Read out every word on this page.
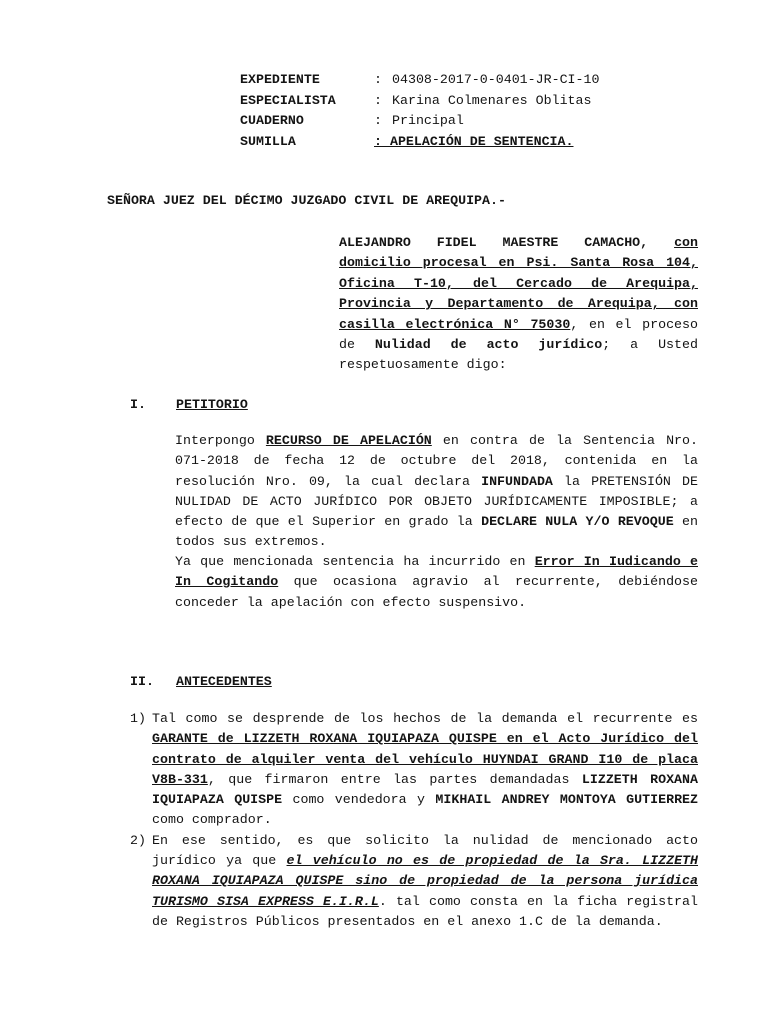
EXPEDIENTE	: 04308-2017-0-0401-JR-CI-10
ESPECIALISTA	: Karina Colmenares Oblitas
CUADERNO	: Principal
SUMILLA	: APELACIÓN DE SENTENCIA.
SEÑORA JUEZ DEL DÉCIMO JUZGADO CIVIL DE AREQUIPA.-
ALEJANDRO FIDEL MAESTRE CAMACHO, con domicilio procesal en Psi. Santa Rosa 104, Oficina T-10, del Cercado de Arequipa, Provincia y Departamento de Arequipa, con casilla electrónica N° 75030, en el proceso de Nulidad de acto jurídico; a Usted respetuosamente digo:
I.	PETITORIO
Interpongo RECURSO DE APELACIÓN en contra de la Sentencia Nro. 071-2018 de fecha 12 de octubre del 2018, contenida en la resolución Nro. 09, la cual declara INFUNDADA la PRETENSIÓN DE NULIDAD DE ACTO JURÍDICO POR OBJETO JURÍDICAMENTE IMPOSIBLE; a efecto de que el Superior en grado la DECLARE NULA Y/O REVOQUE en todos sus extremos.
Ya que mencionada sentencia ha incurrido en Error In Iudicando e In Cogitando que ocasiona agravio al recurrente, debiéndose conceder la apelación con efecto suspensivo.
II.	ANTECEDENTES
1) Tal como se desprende de los hechos de la demanda el recurrente es GARANTE de LIZZETH ROXANA IQUIAPAZA QUISPE en el Acto Jurídico del contrato de alquiler venta del vehículo HUYNDAI GRAND I10 de placa V8B-331, que firmaron entre las partes demandadas LIZZETH ROXANA IQUIAPAZA QUISPE como vendedora y MIKHAIL ANDREY MONTOYA GUTIERREZ como comprador.
2) En ese sentido, es que solicito la nulidad de mencionado acto jurídico ya que el vehículo no es de propiedad de la Sra. LIZZETH ROXANA IQUIAPAZA QUISPE sino de propiedad de la persona jurídica TURISMO SISA EXPRESS E.I.R.L. tal como consta en la ficha registral de Registros Públicos presentados en el anexo 1.C de la demanda.
